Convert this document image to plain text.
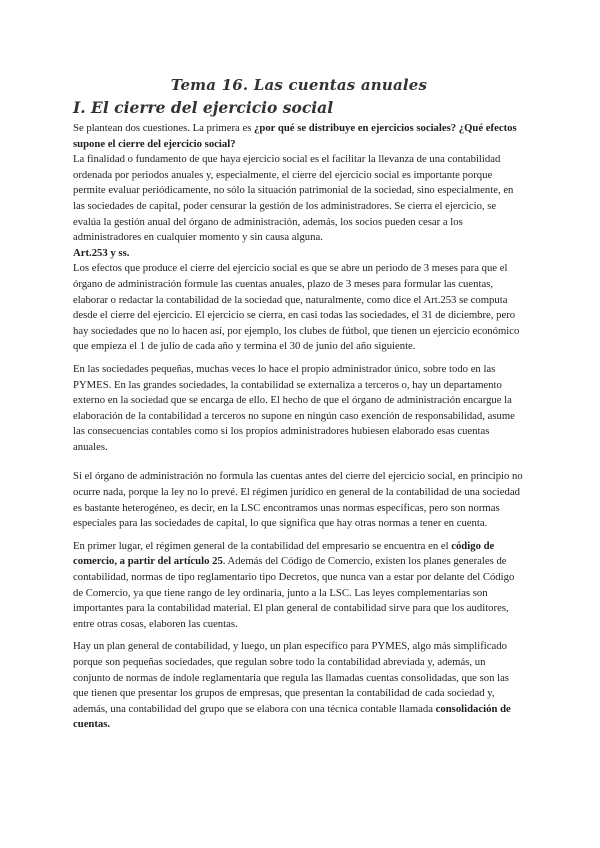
Tema 16. Las cuentas anuales
I. El cierre del ejercicio social

Se plantean dos cuestiones. La primera es ¿por qué se distribuye en ejercicios sociales? ¿Qué efectos supone el cierre del ejercicio social?

La finalidad o fundamento de que haya ejercicio social es el facilitar la llevanza de una contabilidad ordenada por periodos anuales y, especialmente, el cierre del ejercicio social es importante porque permite evaluar periódicamente, no sólo la situación patrimonial de la sociedad, sino especialmente, en las sociedades de capital, poder censurar la gestión de los administradores. Se cierra el ejercicio, se evalúa la gestión anual del órgano de administración, además, los socios pueden cesar a los administradores en cualquier momento y sin causa alguna.

Art.253 y ss.

Los efectos que produce el cierre del ejercicio social es que se abre un periodo de 3 meses para que el órgano de administración formule las cuentas anuales, plazo de 3 meses para formular las cuentas, elaborar o redactar la contabilidad de la sociedad que, naturalmente, como dice el Art.253 se computa desde el cierre del ejercicio. El ejercicio se cierra, en casi todas las sociedades, el 31 de diciembre, pero hay sociedades que no lo hacen así, por ejemplo, los clubes de fútbol, que tienen un ejercicio económico que empieza el 1 de julio de cada año y termina el 30 de junio del año siguiente.

En las sociedades pequeñas, muchas veces lo hace el propio administrador único, sobre todo en las PYMES. En las grandes sociedades, la contabilidad se externaliza a terceros o, hay un departamento externo en la sociedad que se encarga de ello. El hecho de que el órgano de administración encargue la elaboración de la contabilidad a terceros no supone en ningún caso exención de responsabilidad, asume las consecuencias contables como si los propios administradores hubiesen elaborado esas cuentas anuales.

Si el órgano de administración no formula las cuentas antes del cierre del ejercicio social, en principio no ocurre nada, porque la ley no lo prevé. El régimen jurídico en general de la contabilidad de una sociedad es bastante heterogéneo, es decir, en la LSC encontramos unas normas específicas, pero son normas especiales para las sociedades de capital, lo que significa que hay otras normas a tener en cuenta.

En primer lugar, el régimen general de la contabilidad del empresario se encuentra en el código de comercio, a partir del artículo 25. Además del Código de Comercio, existen los planes generales de contabilidad, normas de tipo reglamentario tipo Decretos, que nunca van a estar por delante del Código de Comercio, ya que tiene rango de ley ordinaria, junto a la LSC. Las leyes complementarias son importantes para la contabilidad material. El plan general de contabilidad sirve para que los auditores, entre otras cosas, elaboren las cuentas.

Hay un plan general de contabilidad, y luego, un plan específico para PYMES, algo más simplificado porque son pequeñas sociedades, que regulan sobre todo la contabilidad abreviada y, además, un conjunto de normas de índole reglamentaria que regula las llamadas cuentas consolidadas, que son las que tienen que presentar los grupos de empresas, que presentan la contabilidad de cada sociedad y, además, una contabilidad del grupo que se elabora con una técnica contable llamada consolidación de cuentas.
